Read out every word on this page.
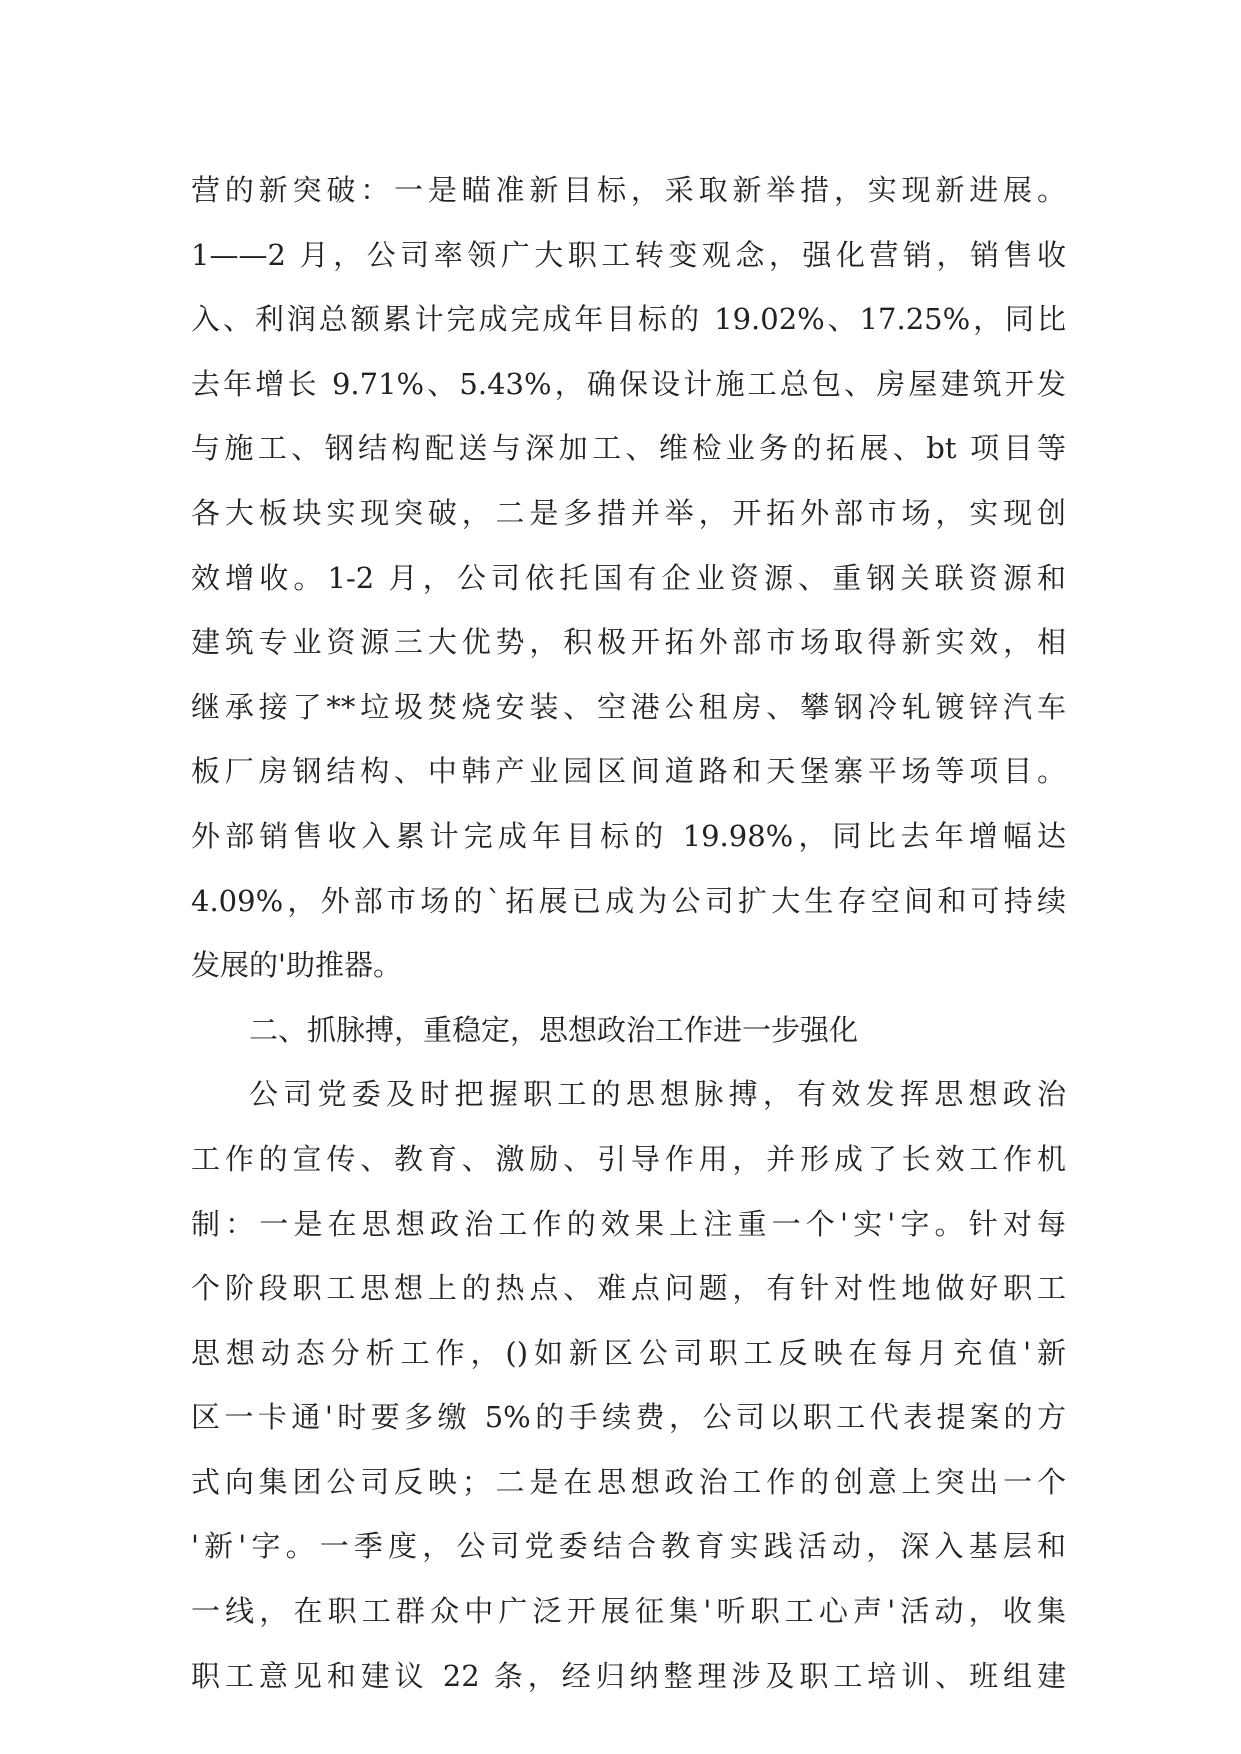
营的新突破：一是瞄准新目标，采取新举措，实现新进展。
1——2 月，公司率领广大职工转变观念，强化营销，销售收
入、利润总额累计完成完成年目标的 19.02%、17.25%，同比
去年增长 9.71%、5.43%，确保设计施工总包、房屋建筑开发
与施工、钢结构配送与深加工、维检业务的拓展、bt 项目等
各大板块实现突破，二是多措并举，开拓外部市场，实现创
效增收。1-2 月，公司依托国有企业资源、重钢关联资源和
建筑专业资源三大优势，积极开拓外部市场取得新实效，相
继承接了**垃圾焚烧安装、空港公租房、攀钢冷轧镀锌汽车
板厂房钢结构、中韩产业园区间道路和天堡寨平场等项目。
外部销售收入累计完成年目标的 19.98%，同比去年增幅达
4.09%，外部市场的`拓展已成为公司扩大生存空间和可持续
发展的'助推器。
二、抓脉搏，重稳定，思想政治工作进一步强化
公司党委及时把握职工的思想脉搏，有效发挥思想政治
工作的宣传、教育、激励、引导作用，并形成了长效工作机
制：一是在思想政治工作的效果上注重一个'实'字。针对每
个阶段职工思想上的热点、难点问题，有针对性地做好职工
思想动态分析工作，()如新区公司职工反映在每月充值'新
区一卡通'时要多缴 5%的手续费，公司以职工代表提案的方
式向集团公司反映；二是在思想政治工作的创意上突出一个
'新'字。一季度，公司党委结合教育实践活动，深入基层和
一线，在职工群众中广泛开展征集'听职工心声'活动，收集
职工意见和建议 22 条，经归纳整理涉及职工培训、班组建
